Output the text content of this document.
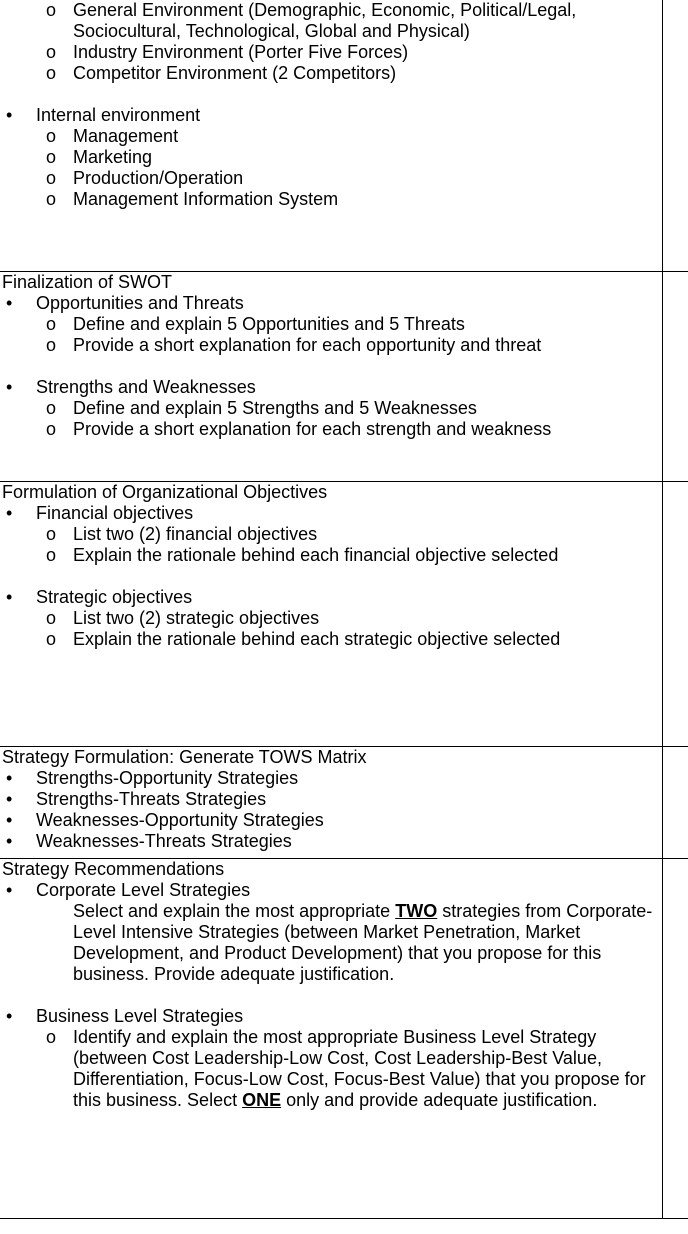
o General Environment (Demographic, Economic, Political/Legal, Sociocultural, Technological, Global and Physical)
o Industry Environment (Porter Five Forces)
o Competitor Environment (2 Competitors)
• Internal environment
o Management
o Marketing
o Production/Operation
o Management Information System
Finalization of SWOT
• Opportunities and Threats
o Define and explain 5 Opportunities and 5 Threats
o Provide a short explanation for each opportunity and threat
• Strengths and Weaknesses
o Define and explain 5 Strengths and 5 Weaknesses
o Provide a short explanation for each strength and weakness
Formulation of Organizational Objectives
• Financial objectives
o List two (2) financial objectives
o Explain the rationale behind each financial objective selected
• Strategic objectives
o List two (2) strategic objectives
o Explain the rationale behind each strategic objective selected
Strategy Formulation: Generate TOWS Matrix
• Strengths-Opportunity Strategies
• Strengths-Threats Strategies
• Weaknesses-Opportunity Strategies
• Weaknesses-Threats Strategies
Strategy Recommendations
• Corporate Level Strategies
Select and explain the most appropriate TWO strategies from Corporate-Level Intensive Strategies (between Market Penetration, Market Development, and Product Development) that you propose for this business. Provide adequate justification.
• Business Level Strategies
o Identify and explain the most appropriate Business Level Strategy (between Cost Leadership-Low Cost, Cost Leadership-Best Value, Differentiation, Focus-Low Cost, Focus-Best Value) that you propose for this business. Select ONE only and provide adequate justification.
